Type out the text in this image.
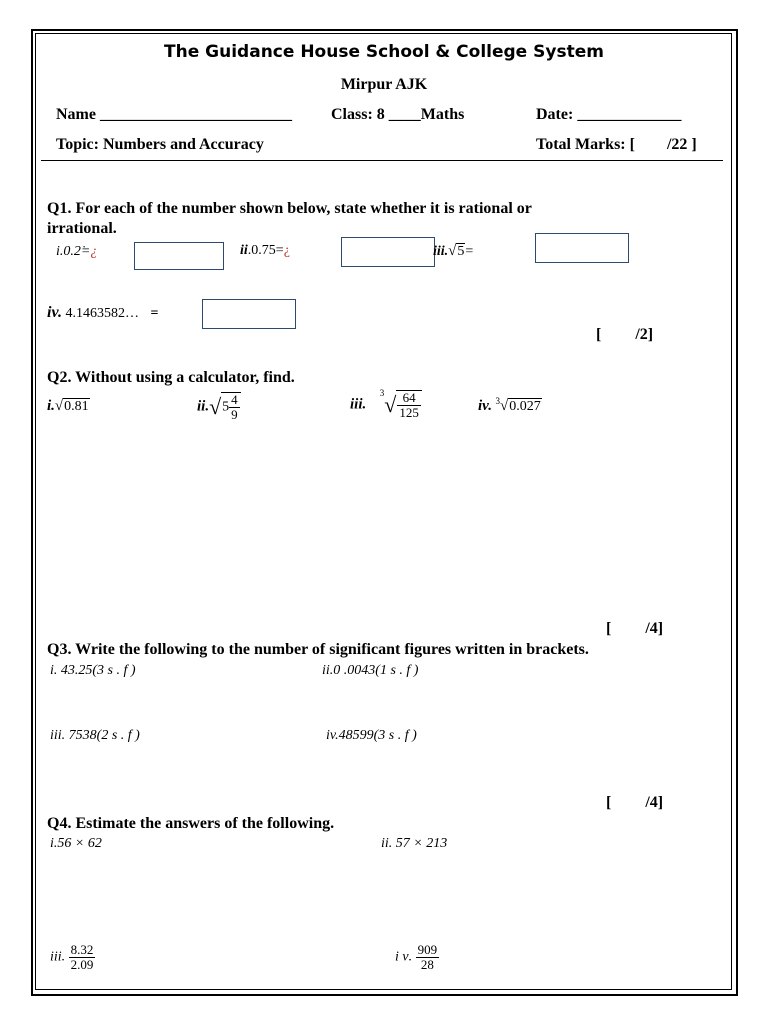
The Guidance House School & College System
Mirpur AJK
Name ________________________ Class: 8 ____Maths	Date: _____________
Topic: Numbers and Accuracy	Total Marks: [ /22 ]
Q1. For each of the number shown below, state whether it is rational or
irrational.
i.0.2̇=¿	ii.0.75=¿	iii.√5=
iv. 4.1463582… =
[ /2]
Q2. Without using a calculator, find.
i.√0.81	$ii.√5 \frac{4}{9}$	iii. $^3√ \frac{64}{125}$	iv. $^3$√0.027
[ /4]
Q3. Write the following to the number of significant figures written in brackets.
i. 43.25(3 s . f )	ii.0 .0043(1 s . f )
iii. 7538(2 s . f )	iv.48599(3 s . f )
[ /4]
Q4. Estimate the answers of the following.
i.56 × 62	ii. 57 × 213
iii. $\frac{8.32}{2.09}$	i v. $\frac{909}{28}$
